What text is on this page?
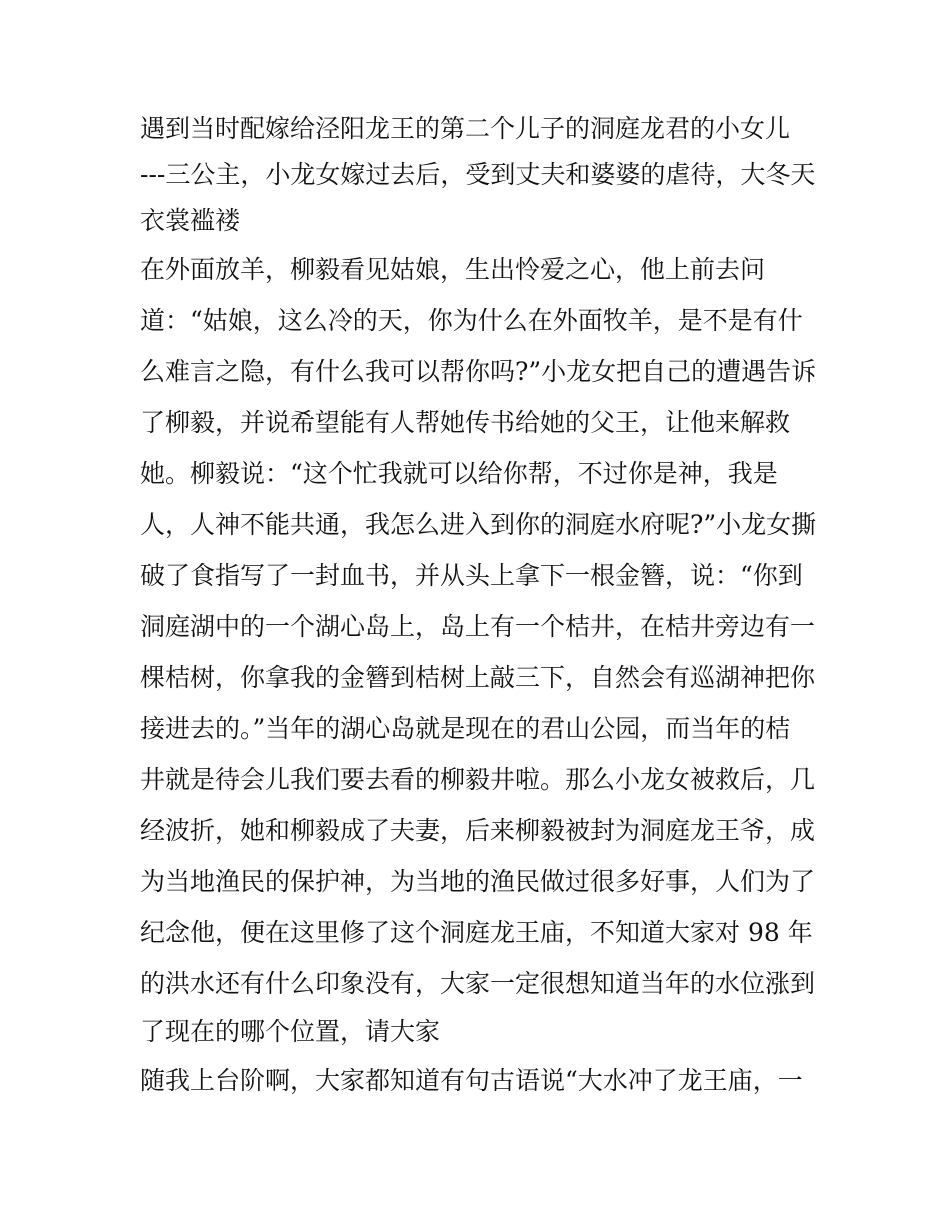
遇到当时配嫁给泾阳龙王的第二个儿子的洞庭龙君的小女儿
---三公主，小龙女嫁过去后，受到丈夫和婆婆的虐待，大冬天
衣裳褴褛
在外面放羊，柳毅看见姑娘，生出怜爱之心，他上前去问
道：“姑娘，这么冷的天，你为什么在外面牧羊，是不是有什
么难言之隐，有什么我可以帮你吗?”小龙女把自己的遭遇告诉
了柳毅，并说希望能有人帮她传书给她的父王，让他来解救
她。柳毅说：“这个忙我就可以给你帮，不过你是神，我是
人，人神不能共通，我怎么进入到你的洞庭水府呢?”小龙女撕
破了食指写了一封血书，并从头上拿下一根金簪，说：“你到
洞庭湖中的一个湖心岛上，岛上有一个桔井，在桔井旁边有一
棵桔树，你拿我的金簪到桔树上敲三下，自然会有巡湖神把你
接进去的。”当年的湖心岛就是现在的君山公园，而当年的桔
井就是待会儿我们要去看的柳毅井啦。那么小龙女被救后，几
经波折，她和柳毅成了夫妻，后来柳毅被封为洞庭龙王爷，成
为当地渔民的保护神，为当地的渔民做过很多好事，人们为了
纪念他，便在这里修了这个洞庭龙王庙，不知道大家对 98 年
的洪水还有什么印象没有，大家一定很想知道当年的水位涨到
了现在的哪个位置，请大家
随我上台阶啊，大家都知道有句古语说“大水冲了龙王庙，一
